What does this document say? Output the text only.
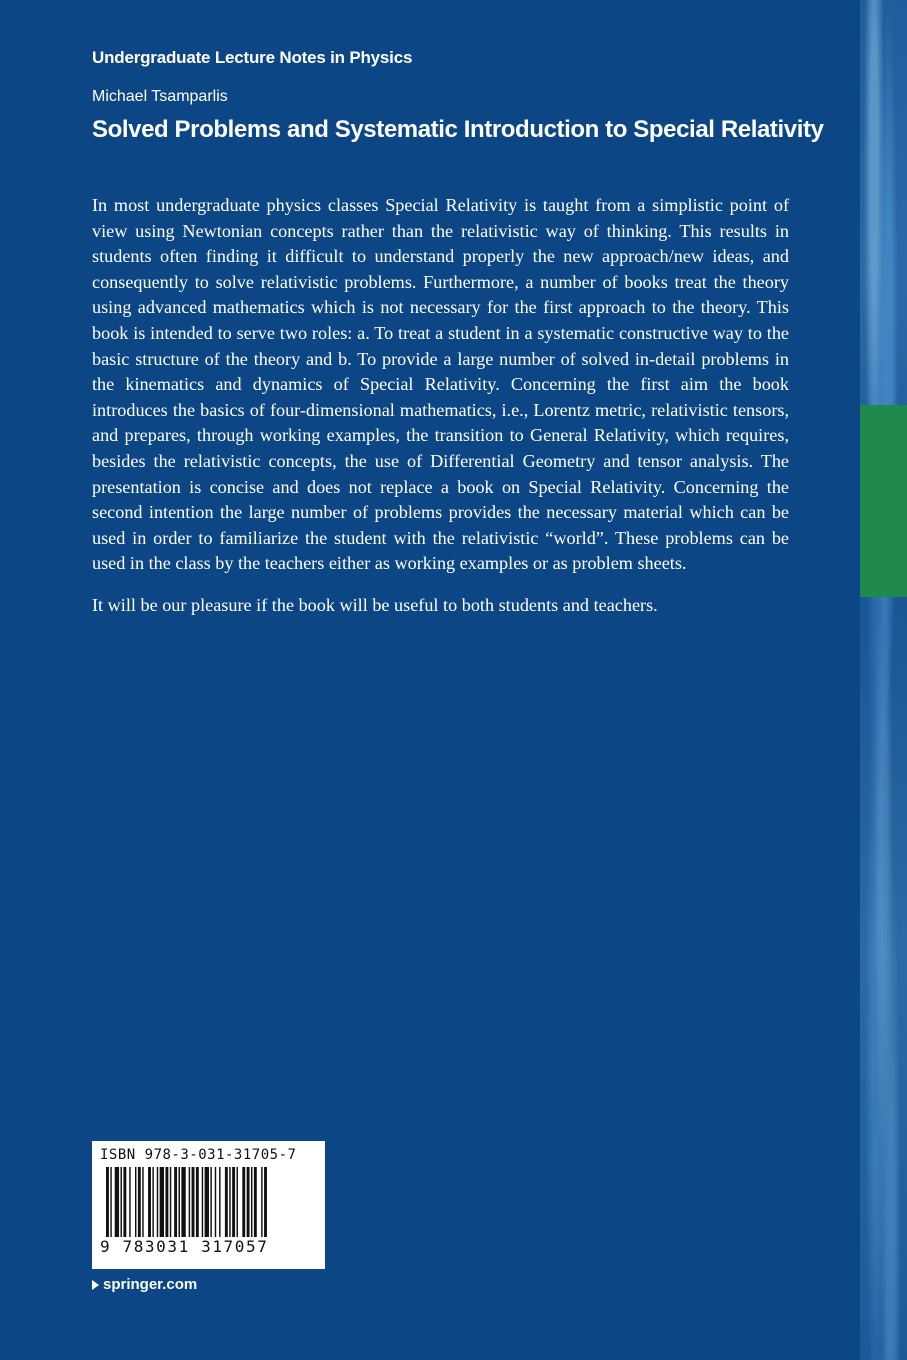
Undergraduate Lecture Notes in Physics
Michael Tsamparlis
Solved Problems and Systematic Introduction to Special Relativity

In most undergraduate physics classes Special Relativity is taught from a simplistic point of view using Newtonian concepts rather than the relativistic way of thinking. This results in students often finding it difficult to understand properly the new approach/new ideas, and consequently to solve relativistic problems. Furthermore, a number of books treat the theory using advanced mathematics which is not necessary for the first approach to the theory. This book is intended to serve two roles: a. To treat a student in a systematic constructive way to the basic structure of the theory and b. To provide a large number of solved in-detail problems in the kinematics and dynamics of Special Relativity. Concerning the first aim the book introduces the basics of four-dimensional mathematics, i.e., Lorentz metric, relativistic tensors, and prepares, through working examples, the transition to General Relativity, which requires, besides the relativistic concepts, the use of Differential Geometry and tensor analysis. The presentation is concise and does not replace a book on Special Relativity. Concerning the second intention the large number of problems provides the necessary material which can be used in order to familiarize the student with the relativistic “world”. These problems can be used in the class by the teachers either as working examples or as problem sheets.

It will be our pleasure if the book will be useful to both students and teachers.

ISBN 978-3-031-31705-7
9 783031 317057
springer.com
